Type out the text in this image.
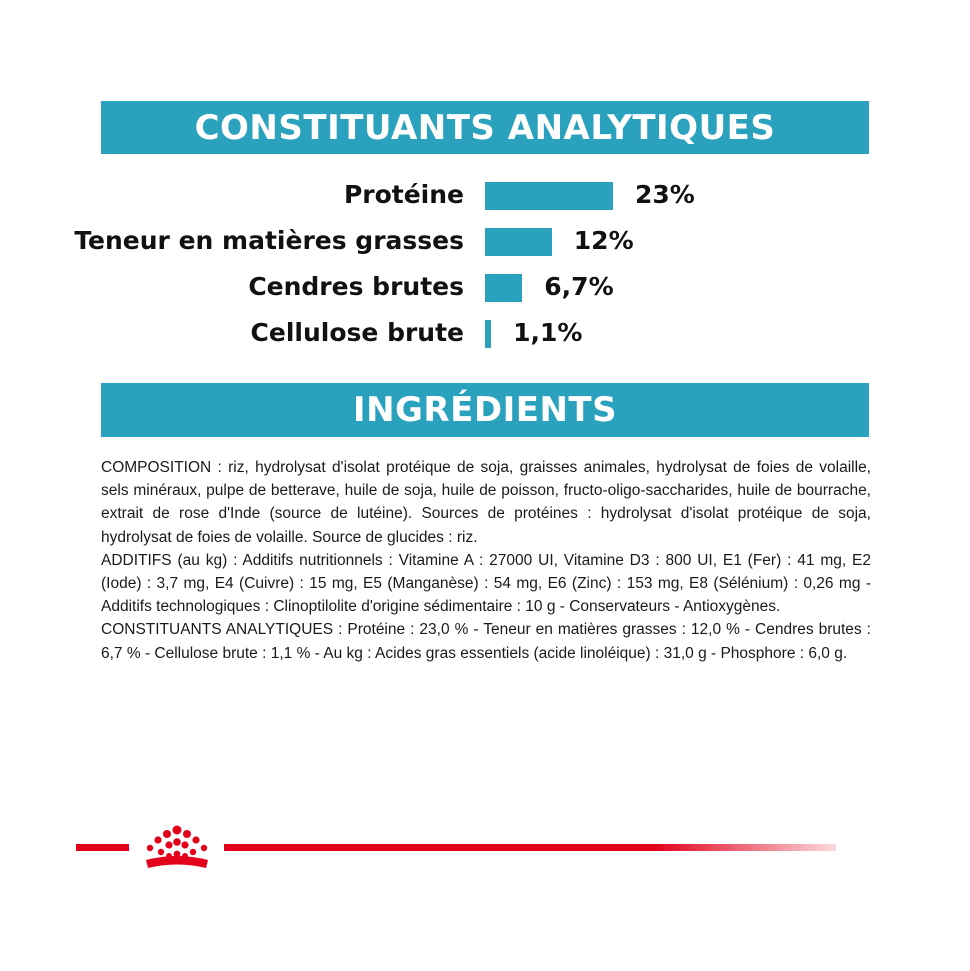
CONSTITUANTS ANALYTIQUES
Protéine	23%
Teneur en matières grasses	12%
Cendres brutes	6,7%
Cellulose brute 1,1%
INGRÉDIENTS

COMPOSITION : riz, hydrolysat d'isolat protéique de soja, graisses animales, hydrolysat de foies de volaille, sels minéraux, pulpe de betterave, huile de soja, huile de poisson, fructo-oligo-saccharides, huile de bourrache, extrait de rose d'Inde (source de lutéine). Sources de protéines : hydrolysat d'isolat protéique de soja, hydrolysat de foies de volaille. Source de glucides : riz.

ADDITIFS (au kg) : Additifs nutritionnels : Vitamine A : 27000 UI, Vitamine D3 : 800 UI, E1 (Fer) : 41 mg, E2 (Iode) : 3,7 mg, E4 (Cuivre) : 15 mg, E5 (Manganèse) : 54 mg, E6 (Zinc) : 153 mg, E8 (Sélénium) : 0,26 mg - Additifs technologiques : Clinoptilolite d'origine sédimentaire : 10 g - Conservateurs - Antioxygènes.

CONSTITUANTS ANALYTIQUES : Protéine : 23,0 % - Teneur en matières grasses : 12,0 % - Cendres brutes : 6,7 % - Cellulose brute : 1,1 % - Au kg : Acides gras essentiels (acide linoléique) : 31,0 g - Phosphore : 6,0 g.
